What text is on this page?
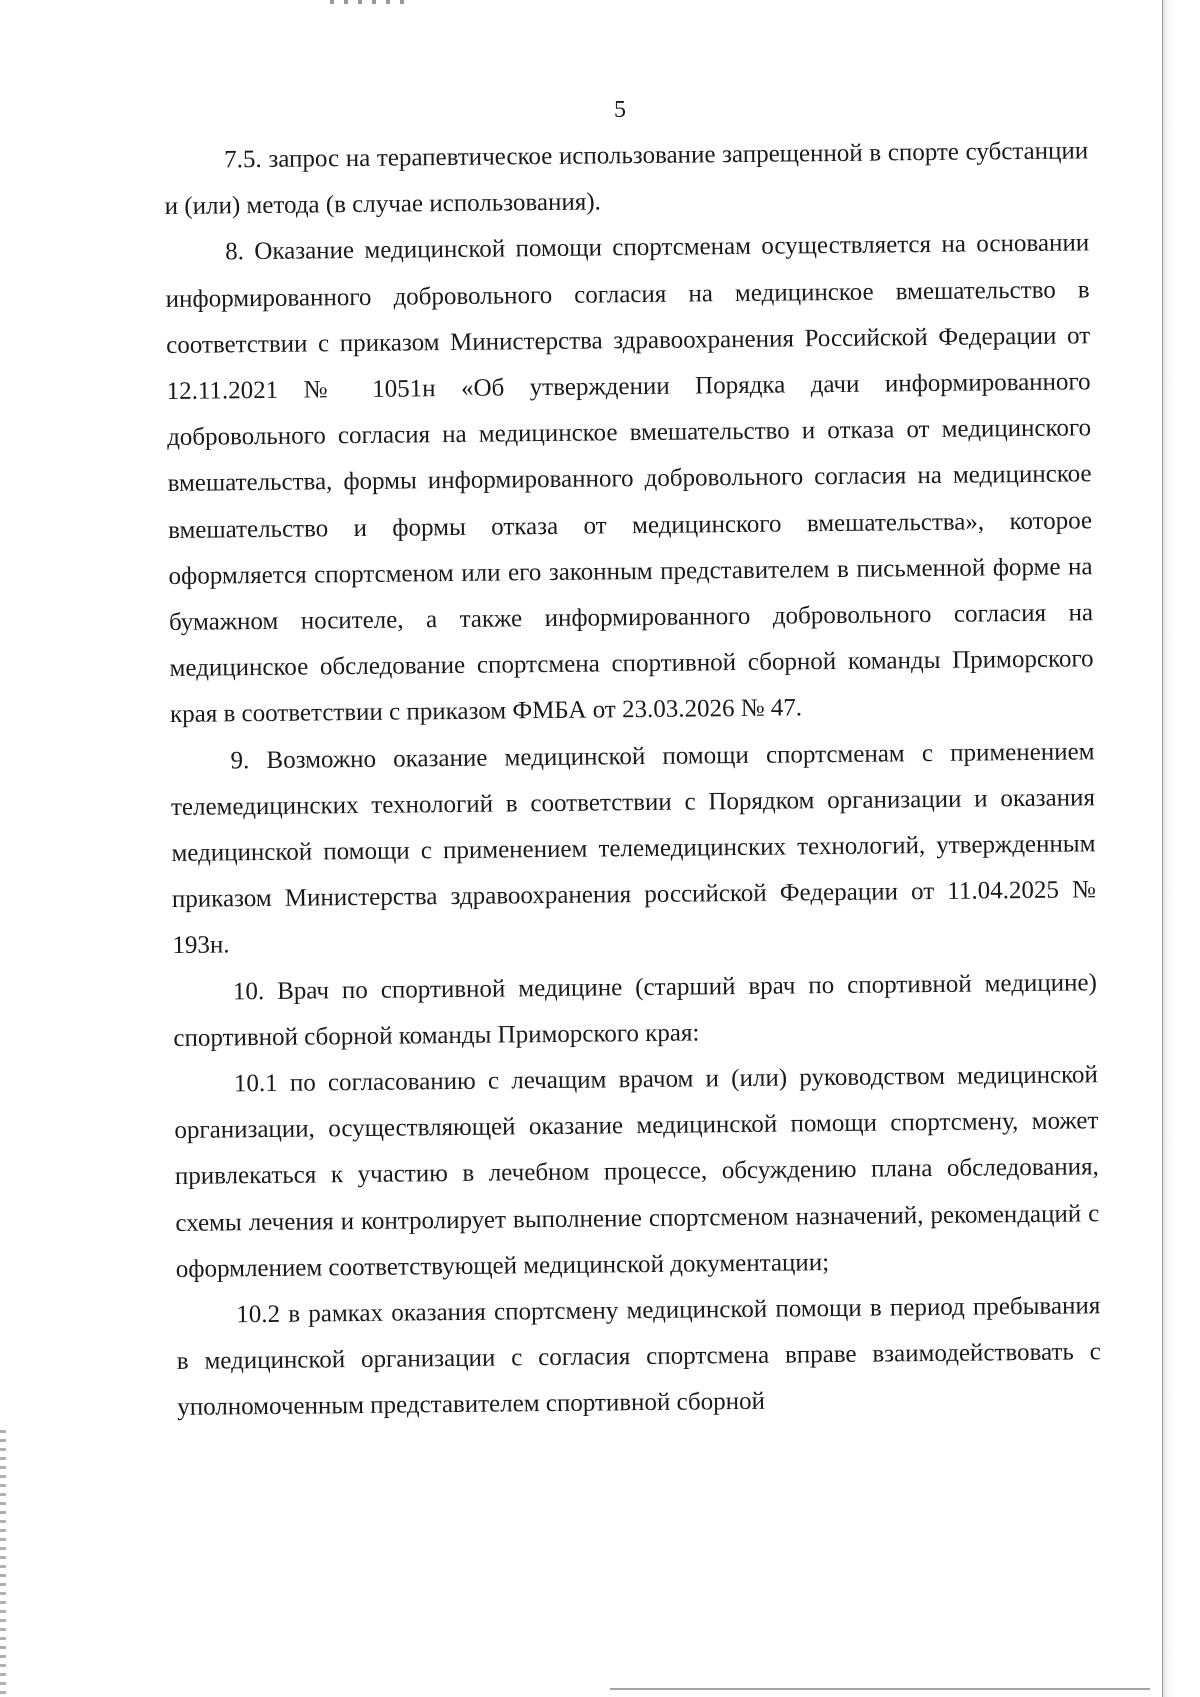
5

7.5. запрос на терапевтическое использование запрещенной в спорте субстанции и (или) метода (в случае использования).

8. Оказание медицинской помощи спортсменам осуществляется на основании информированного добровольного согласия на медицинское вмешательство в соответствии с приказом Министерства здравоохранения Российской Федерации от 12.11.2021 № 1051н «Об утверждении Порядка дачи информированного добровольного согласия на медицинское вмешательство и отказа от медицинского вмешательства, формы информированного добровольного согласия на медицинское вмешательство и формы отказа от медицинского вмешательства», которое оформляется спортсменом или его законным представителем в письменной форме на бумажном носителе, а также информированного добровольного согласия на медицинское обследование спортсмена спортивной сборной команды Приморского края в соответствии с приказом ФМБА от 23.03.2026 № 47.

9. Возможно оказание медицинской помощи спортсменам с применением телемедицинских технологий в соответствии с Порядком организации и оказания медицинской помощи с применением телемедицинских технологий, утвержденным приказом Министерства здравоохранения российской Федерации от 11.04.2025 № 193н.

10. Врач по спортивной медицине (старший врач по спортивной медицине) спортивной сборной команды Приморского края:

10.1 по согласованию с лечащим врачом и (или) руководством медицинской организации, осуществляющей оказание медицинской помощи спортсмену, может привлекаться к участию в лечебном процессе, обсуждению плана обследования, схемы лечения и контролирует выполнение спортсменом назначений, рекомендаций с оформлением соответствующей медицинской документации;

10.2 в рамках оказания спортсмену медицинской помощи в период пребывания в медицинской организации с согласия спортсмена вправе взаимодействовать с уполномоченным представителем спортивной сборной
